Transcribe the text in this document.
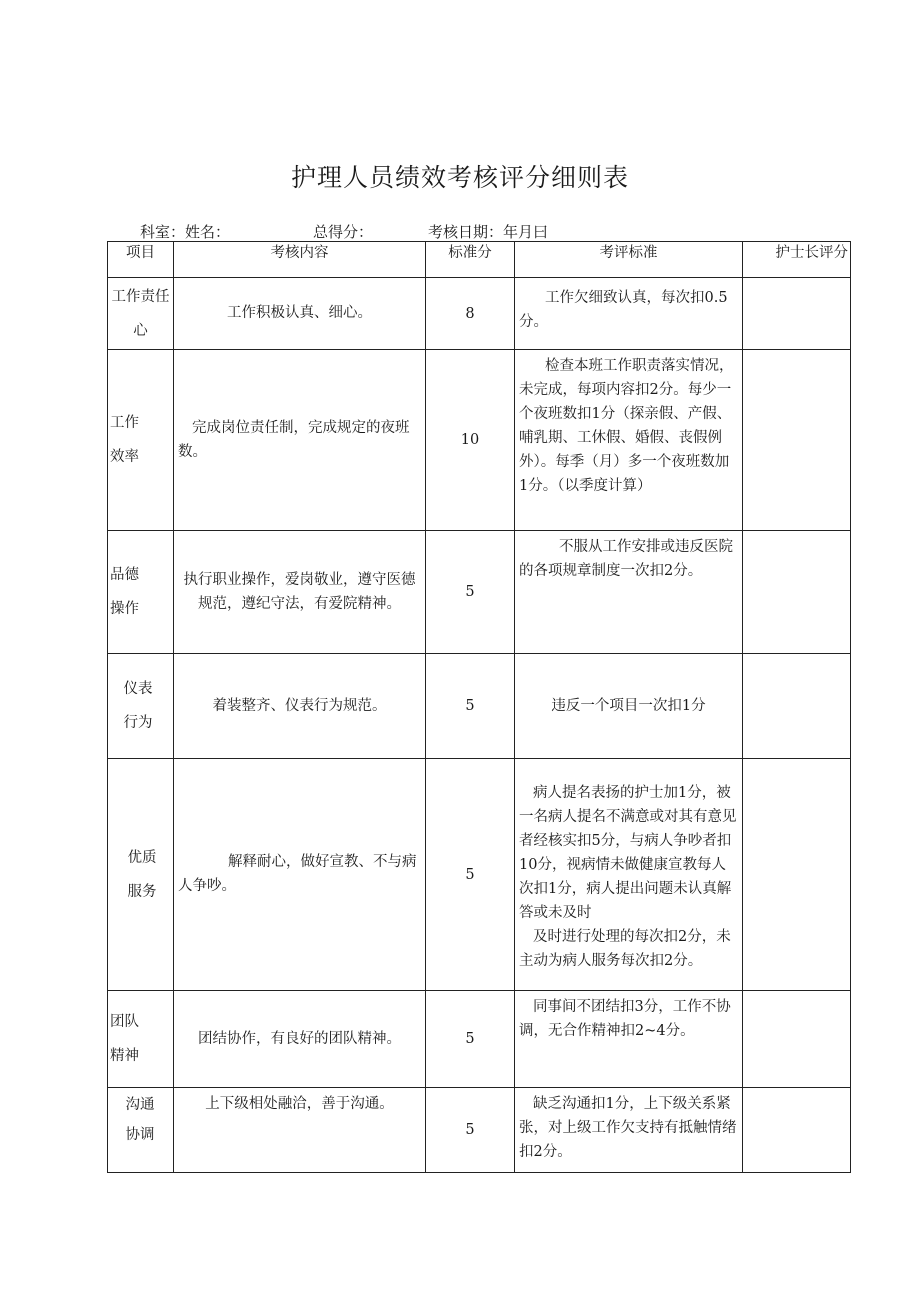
护理人员绩效考核评分细则表
科室：姓名：	总得分：	考核日期：年月曰
项目	考核内容	标准分	考评标准	护士长评分

工作责任心	工作积极认真、细心。	8	工作欠细致认真，每次扣0.5分。	

工作效率	完成岗位责任制，完成规定的夜班数。	10	检查本班工作职责落实情况，未完成，每项内容扣2分。每少一个夜班数扣1分（探亲假、产假、哺乳期、工休假、婚假、丧假例外）。每季（月）多一个夜班数加1分。（以季度计算）	

品德操作	执行职业操作，爱岗敬业，遵守医德规范，遵纪守法，有爱院精神。	5	不服从工作安排或违反医院的各项规章制度一次扣2分。	

仪表行为	着装整齐、仪表行为规范。	5	违反一个项目一次扣1分	

优质服务	解释耐心，做好宣教、不与病人争吵。	5	病人提名表扬的护士加1分，被一名病人提名不满意或对其有意见者经核实扣5分，与病人争吵者扣10分，视病情未做健康宣教每人次扣1分，病人提出问题未认真解答或未及时
及时进行处理的每次扣2分，未主动为病人服务每次扣2分。	

团队精神	团结协作，有良好的团队精神。	5	同事间不团结扣3分，工作不协调，无合作精神扣2~4分。	

沟通协调	上下级相处融洽，善于沟通。	5	缺乏沟通扣1分，上下级关系紧张，对上级工作欠支持有抵触情绪扣2分。	
